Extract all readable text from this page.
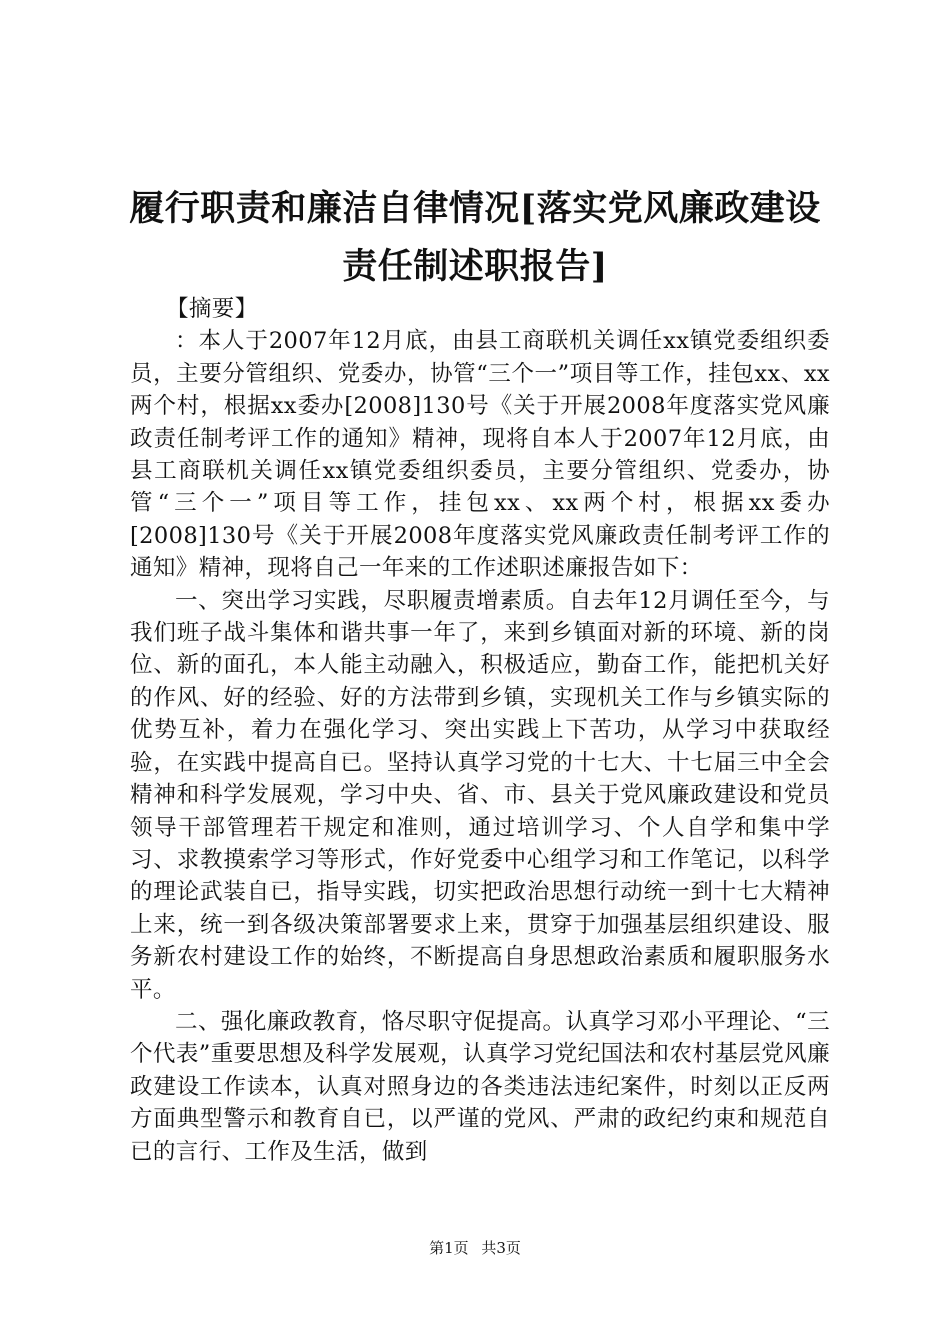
履行职责和廉洁自律情况[落实党风廉政建设
责任制述职报告]

【摘要】

：本人于2007年12月底，由县工商联机关调任xx镇党委组织委员，主要分管组织、党委办，协管“三个一”项目等工作，挂包xx、xx两个村，根据xx委办[2008]130号《关于开展2008年度落实党风廉政责任制考评工作的通知》精神，现将自本人于2007年12月底，由县工商联机关调任xx镇党委组织委员，主要分管组织、党委办，协管“三个一”项目等工作，挂包xx、xx两个村，根据xx委办[2008]130号《关于开展2008年度落实党风廉政责任制考评工作的通知》精神，现将自己一年来的工作述职述廉报告如下：

一、突出学习实践，尽职履责增素质。自去年12月调任至今，与我们班子战斗集体和谐共事一年了，来到乡镇面对新的环境、新的岗位、新的面孔，本人能主动融入，积极适应，勤奋工作，能把机关好的作风、好的经验、好的方法带到乡镇，实现机关工作与乡镇实际的优势互补，着力在强化学习、突出实践上下苦功，从学习中获取经验，在实践中提高自已。坚持认真学习党的十七大、十七届三中全会精神和科学发展观，学习中央、省、市、县关于党风廉政建设和党员领导干部管理若干规定和准则，通过培训学习、个人自学和集中学习、求教摸索学习等形式，作好党委中心组学习和工作笔记，以科学的理论武装自已，指导实践，切实把政治思想行动统一到十七大精神上来，统一到各级决策部署要求上来，贯穿于加强基层组织建设、服务新农村建设工作的始终，不断提高自身思想政治素质和履职服务水平。

二、强化廉政教育，恪尽职守促提高。认真学习邓小平理论、“三个代表”重要思想及科学发展观，认真学习党纪国法和农村基层党风廉政建设工作读本，认真对照身边的各类违法违纪案件，时刻以正反两方面典型警示和教育自已，以严谨的党风、严肃的政纪约束和规范自已的言行、工作及生活，做到

第1页 共3页
